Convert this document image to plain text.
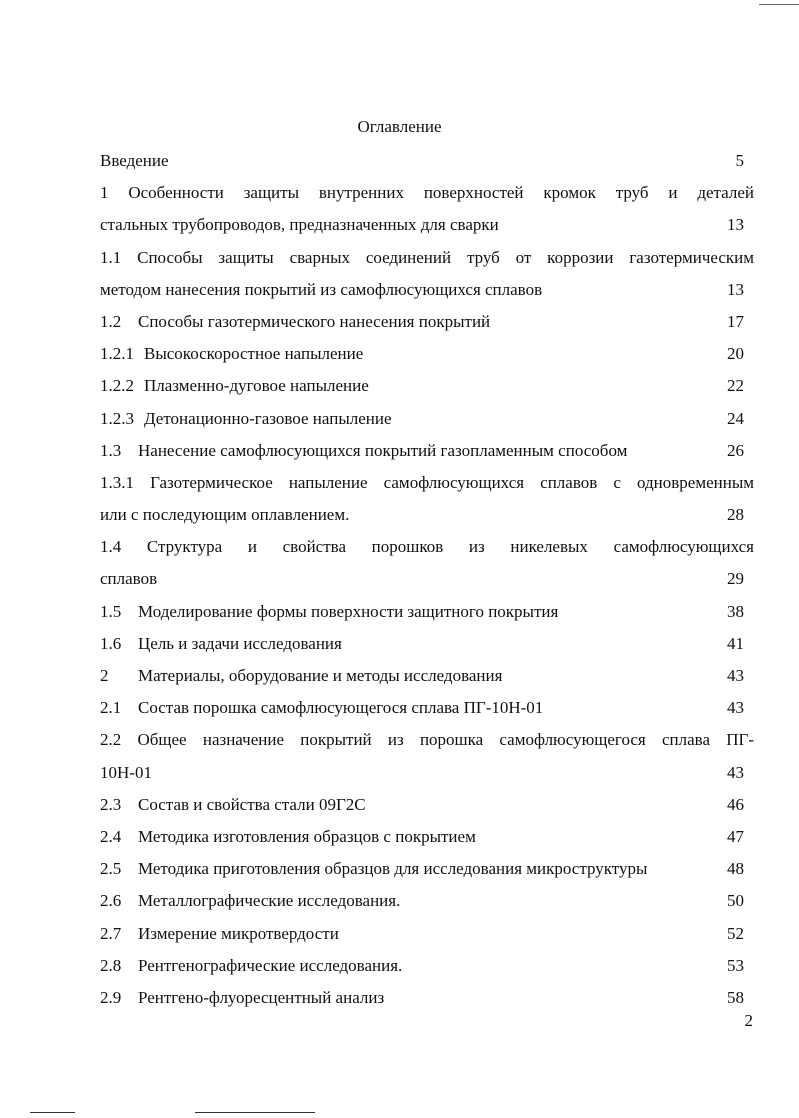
Оглавление
Введение	5
1 Особенности защиты внутренних поверхностей кромок труб и деталей
стальных трубопроводов, предназначенных для сварки	13
1.1 Способы защиты сварных соединений труб от коррозии газотермическим
методом нанесения покрытий из самофлюсующихся сплавов	13
1.2 Способы газотермического нанесения покрытий	17
1.2.1 Высокоскоростное напыление	20
1.2.2 Плазменно-дуговое напыление	22
1.2.3 Детонационно-газовое напыление	24
1.3 Нанесение самофлюсующихся покрытий газопламенным способом	26
1.3.1 Газотермическое напыление самофлюсующихся сплавов с одновременным
или с последующим оплавлением.	28
1.4 Структура и свойства порошков из никелевых самофлюсующихся
сплавов	29
1.5 Моделирование формы поверхности защитного покрытия	38
1.6 Цель и задачи исследования	41
2 Материалы, оборудование и методы исследования	43
2.1 Состав порошка самофлюсующегося сплава ПГ-10Н-01	43
2.2 Общее назначение покрытий из порошка самофлюсующегося сплава ПГ-
10Н-01	43
2.3 Состав и свойства стали 09Г2С	46
2.4 Методика изготовления образцов с покрытием	47
2.5 Методика приготовления образцов для исследования микроструктуры	48
2.6 Металлографические исследования.	50
2.7 Измерение микротвердости	52
2.8 Рентгенографические исследования.	53
2.9 Рентгено-флуоресцентный анализ	58
2
